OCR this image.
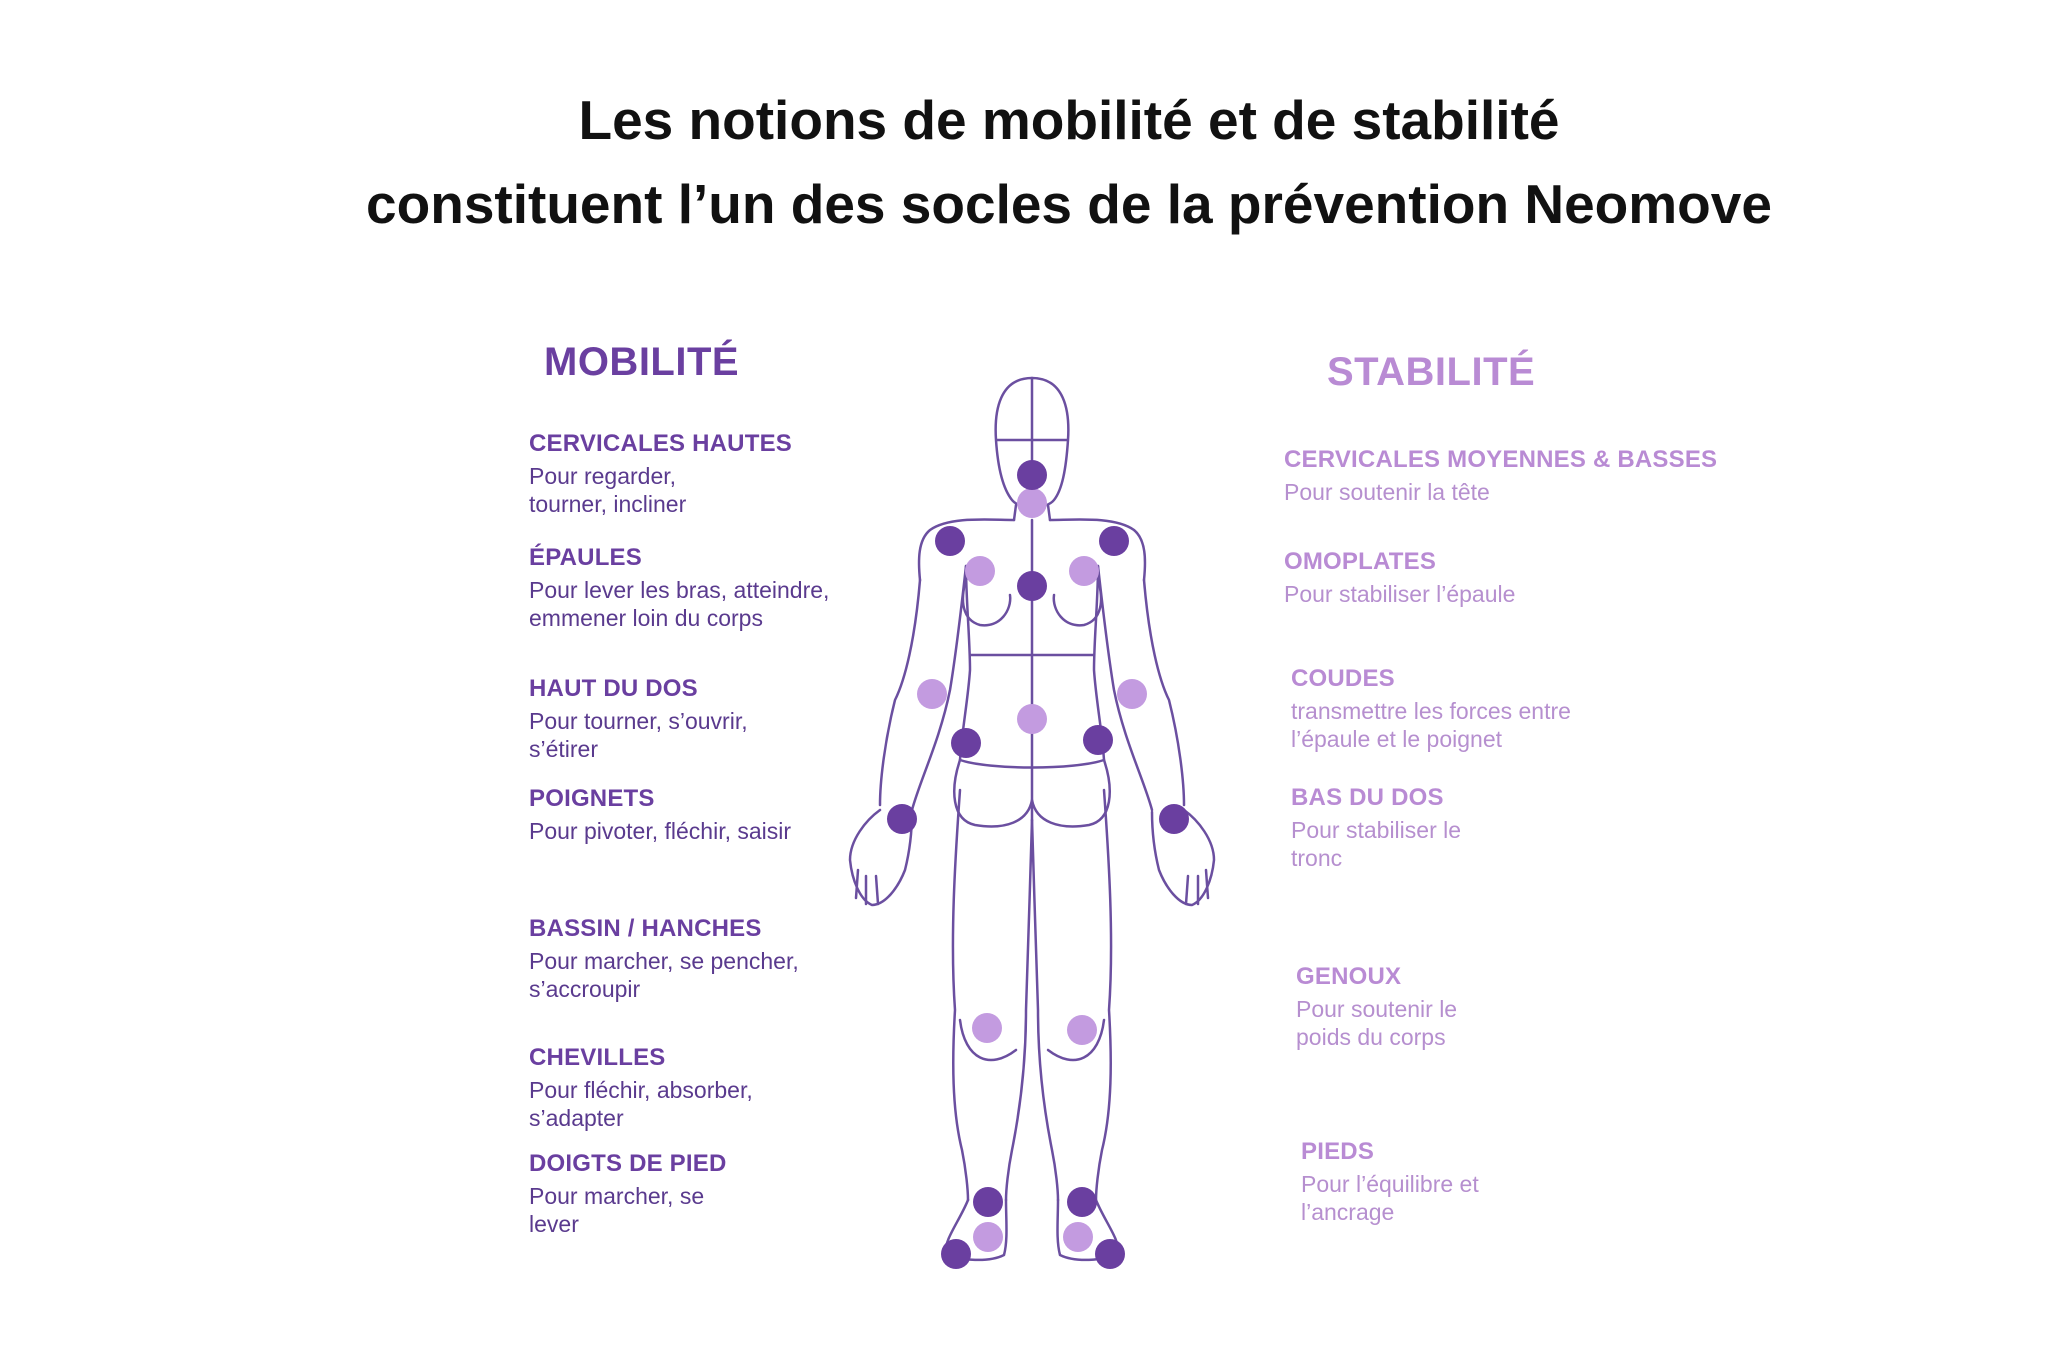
Les notions de mobilité et de stabilité
constituent l’un des socles de la prévention Neomove
MOBILITÉ	STABILITÉ
CERVICALES HAUTES
Pour regarder, tourner, incliner
ÉPAULES
Pour lever les bras, atteindre, emmener loin du corps
HAUT DU DOS
Pour tourner, s’ouvrir, s’étirer
POIGNETS
Pour pivoter, fléchir, saisir
BASSIN / HANCHES
Pour marcher, se pencher, s’accroupir
CHEVILLES
Pour fléchir, absorber, s’adapter
DOIGTS DE PIED
Pour marcher, se lever
CERVICALES MOYENNES & BASSES
Pour soutenir la tête
OMOPLATES
Pour stabiliser l’épaule
COUDES
transmettre les forces entre l’épaule et le poignet
BAS DU DOS
Pour stabiliser le tronc
GENOUX
Pour soutenir le poids du corps
PIEDS
Pour l’équilibre et l’ancrage
